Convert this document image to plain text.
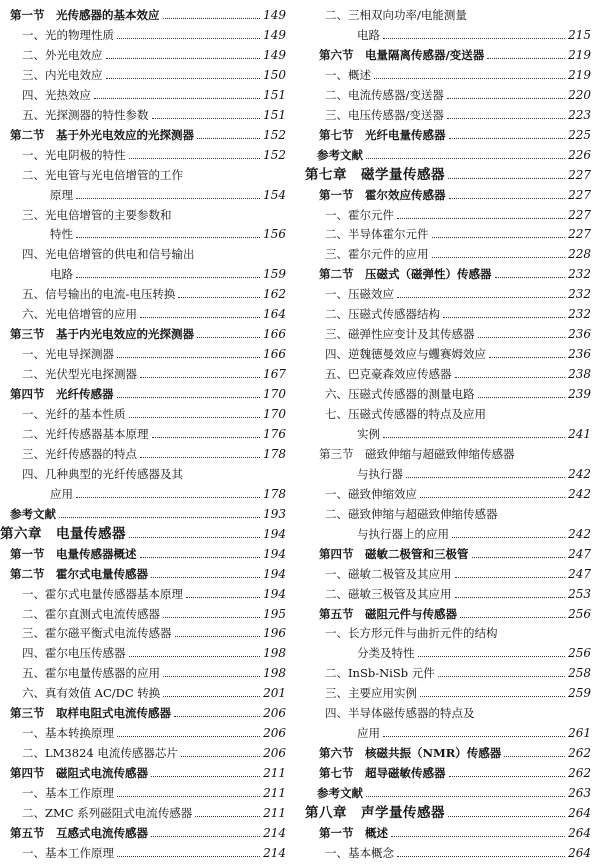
第一节　光传感器的基本效应	149
一、光的物理性质	149
二、外光电效应	149
三、内光电效应	150
四、光热效应	151
五、光探测器的特性参数	151
第二节　基于外光电效应的光探测器	152
一、光电阴极的特性	152
二、光电管与光电倍增管的工作
原理	154
三、光电倍增管的主要参数和
特性	156
四、光电倍增管的供电和信号输出
电路	159
五、信号输出的电流-电压转换	162
六、光电倍增管的应用	164
第三节　基于内光电效应的光探测器	166
一、光电导探测器	166
二、光伏型光电探测器	167
第四节　光纤传感器	170
一、光纤的基本性质	170
二、光纤传感器基本原理	176
三、光纤传感器的特点	178
四、几种典型的光纤传感器及其
应用	178
参考文献	193
第六章　电量传感器	194
第一节　电量传感器概述	194
第二节　霍尔式电量传感器	194
一、霍尔式电量传感器基本原理	194
二、霍尔直测式电流传感器	195
三、霍尔磁平衡式电流传感器	196
四、霍尔电压传感器	198
五、霍尔电量传感器的应用	198
六、真有效值 AC/DC 转换	201
第三节　取样电阻式电流传感器	206
一、基本转换原理	206
二、LM3824 电流传感器芯片	206
第四节　磁阻式电流传感器	211
一、基本工作原理	211
二、ZMC 系列磁阻式电流传感器	211
第五节　互感式电流传感器	214
一、基本工作原理	214
二、三相双向功率/电能测量
电路	215
第六节　电量隔离传感器/变送器	219
一、概述	219
二、电流传感器/变送器	220
三、电压传感器/变送器	223
第七节　光纤电量传感器	225
参考文献	226
第七章　磁学量传感器	227
第一节　霍尔效应传感器	227
一、霍尔元件	227
二、半导体霍尔元件	227
三、霍尔元件的应用	228
第二节　压磁式（磁弹性）传感器	232
一、压磁效应	232
二、压磁式传感器结构	232
三、磁弹性应变计及其传感器	236
四、逆魏德曼效应与蠼赛姆效应	236
五、巴克豪森效应传感器	238
六、压磁式传感器的测量电路	239
七、压磁式传感器的特点及应用
实例	241
第三节　磁致伸缩与超磁致伸缩传感器
与执行器	242
一、磁致伸缩效应	242
二、磁致伸缩与超磁致伸缩传感器
与执行器上的应用	242
第四节　磁敏二极管和三极管	247
一、磁敏二极管及其应用	247
二、磁敏三极管及其应用	253
第五节　磁阻元件与传感器	256
一、长方形元件与曲折元件的结构
分类及特性	256
二、InSb-NiSb 元件	258
三、主要应用实例	259
四、半导体磁传感器的特点及
应用	261
第六节　核磁共振（NMR）传感器	262
第七节　超导磁敏传感器	262
参考文献	263
第八章　声学量传感器	264
第一节　概述	264
一、基本概念	264
